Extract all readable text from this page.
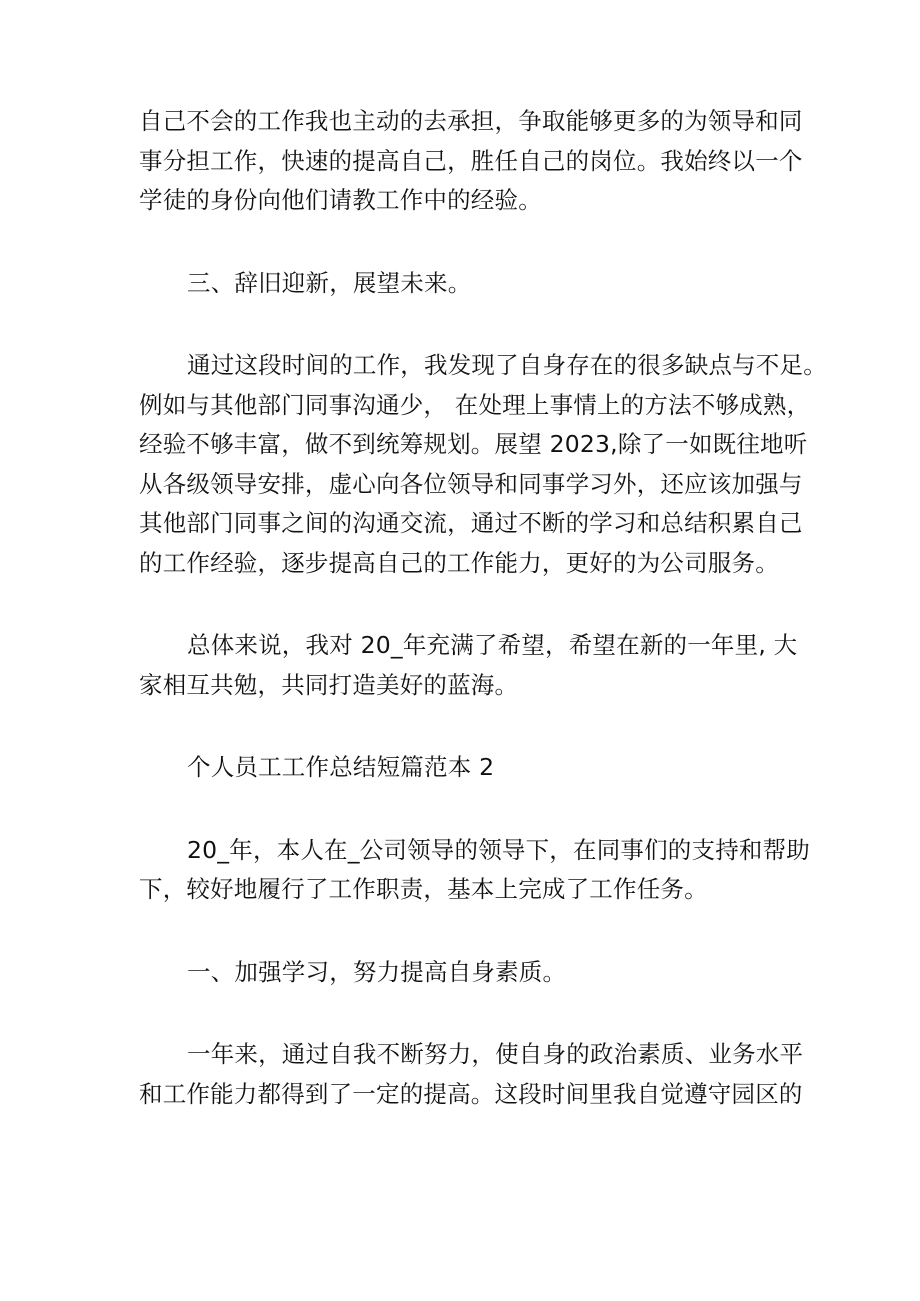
自己不会的工作我也主动的去承担，争取能够更多的为领导和同
事分担工作，快速的提高自己，胜任自己的岗位。我始终以一个
学徒的身份向他们请教工作中的经验。

三、辞旧迎新，展望未来。

通过这段时间的工作，我发现了自身存在的很多缺点与不足。
例如与其他部门同事沟通少， 在处理上事情上的方法不够成熟，
经验不够丰富，做不到统筹规划。展望 2023,除了一如既往地听
从各级领导安排，虚心向各位领导和同事学习外，还应该加强与
其他部门同事之间的沟通交流，通过不断的学习和总结积累自己
的工作经验，逐步提高自己的工作能力，更好的为公司服务。

总体来说，我对 20_年充满了希望，希望在新的一年里, 大
家相互共勉，共同打造美好的蓝海。

个人员工工作总结短篇范本 2

20_年，本人在_公司领导的领导下，在同事们的支持和帮助
下，较好地履行了工作职责，基本上完成了工作任务。

一、加强学习，努力提高自身素质。

一年来，通过自我不断努力，使自身的政治素质、业务水平
和工作能力都得到了一定的提高。这段时间里我自觉遵守园区的
